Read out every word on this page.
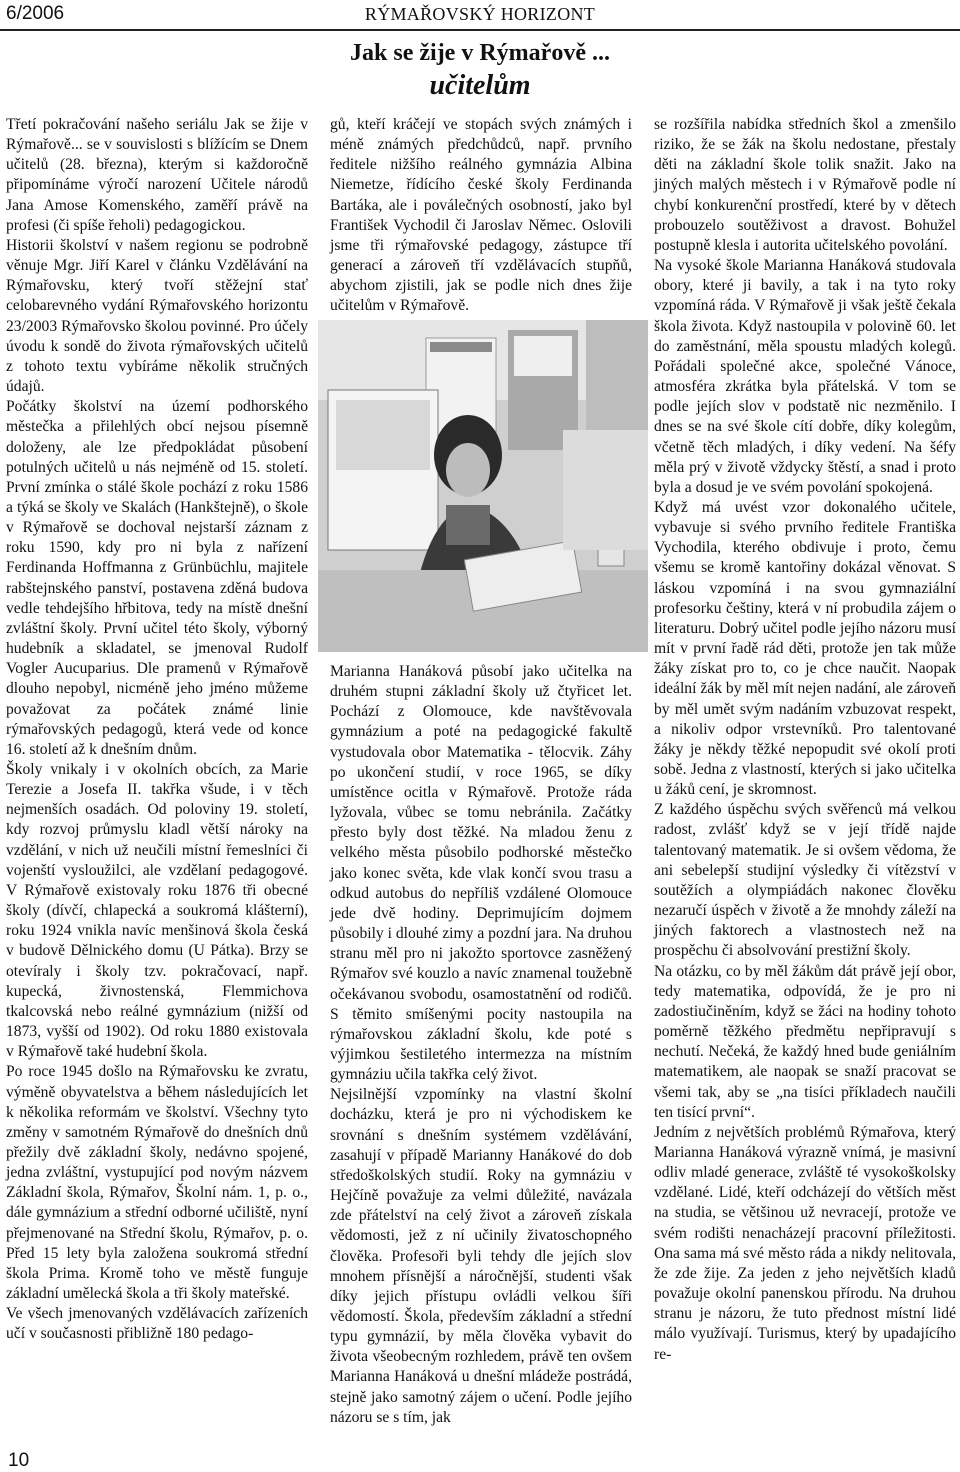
6/2006	RÝMAŘOVSKÝ HORIZONT
Jak se žije v Rýmařově ...
učitelům

Třetí pokračování našeho seriálu Jak se žije v Rýmařově... se v souvislosti s blížícím se Dnem učitelů (28. března), kterým si každoročně připomínáme výročí narození Učitele národů Jana Amose Komenského, zaměří právě na profesi (či spíše řeholi) pedagogickou.

Historii školství v našem regionu se podrobně věnuje Mgr. Jiří Karel v článku Vzdělávání na Rýmařovsku, který tvoří stěžejní stať celobarevného vydání Rýmařovského horizontu 23/2003 Rýmařovsko školou povinné. Pro účely úvodu k sondě do života rýmařovských učitelů z tohoto textu vybíráme několik stručných údajů.

Počátky školství na území podhorského městečka a přilehlých obcí nejsou písemně doloženy, ale lze předpokládat působení potulných učitelů u nás nejméně od 15. století. První zmínka o stálé škole pochází z roku 1586 a týká se školy ve Skalách (Hankštejně), o škole v Rýmařově se dochoval nejstarší záznam z roku 1590, kdy pro ni byla z nařízení Ferdinanda Hoffmanna z Grünbüchlu, majitele rabštejnského panství, postavena zděná budova vedle tehdejšího hřbitova, tedy na místě dnešní zvláštní školy. První učitel této školy, výborný hudebník a skladatel, se jmenoval Rudolf Vogler Aucuparius. Dle pramenů v Rýmařově dlouho nepobyl, nicméně jeho jméno můžeme považovat za počátek známé linie rýmařovských pedagogů, která vede od konce 16. století až k dnešním dnům.

Školy vnikaly i v okolních obcích, za Marie Terezie a Josefa II. takřka všude, i v těch nejmenších osadách. Od poloviny 19. století, kdy rozvoj průmyslu kladl větší nároky na vzdělání, v nich už neučili místní řemeslníci či vojenští vysloužilci, ale vzdělaní pedagogové. V Rýmařově existovaly roku 1876 tři obecné školy (dívčí, chlapecká a soukromá klášterní), roku 1924 vnikla navíc menšinová škola česká v budově Dělnického domu (U Pátka). Brzy se otevíraly i školy tzv. pokračovací, např. kupecká, živnostenská, Flemmichova tkalcovská nebo reálné gymnázium (nižší od 1873, vyšší od 1902). Od roku 1880 existovala v Rýmařově také hudební škola.

Po roce 1945 došlo na Rýmařovsku ke zvratu, výměně obyvatelstva a během následujících let k několika reformám ve školství. Všechny tyto změny v samotném Rýmařově do dnešních dnů přežily dvě základní školy, nedávno spojené, jedna zvláštní, vystupující pod novým názvem Základní škola, Rýmařov, Školní nám. 1, p. o., dále gymnázium a střední odborné učiliště, nyní přejmenované na Střední školu, Rýmařov, p. o. Před 15 lety byla založena soukromá střední škola Prima. Kromě toho ve městě funguje základní umělecká škola a tři školy mateřské.

Ve všech jmenovaných vzdělávacích zařízeních učí v současnosti přibližně 180 pedago-

gů, kteří kráčejí ve stopách svých známých i méně známých předchůdců, např. prvního ředitele nižšího reálného gymnázia Albina Niemetze, řídícího české školy Ferdinanda Bartáka, ale i poválečných osobností, jako byl František Vychodil či Jaroslav Němec. Oslovili jsme tři rýmařovské pedagogy, zástupce tří generací a zároveň tří vzdělávacích stupňů, abychom zjistili, jak se podle nich dnes žije učitelům v Rýmařově.

Marianna Hanáková působí jako učitelka na druhém stupni základní školy už čtyřicet let. Pochází z Olomouce, kde navštěvovala gymnázium a poté na pedagogické fakultě vystudovala obor Matematika - tělocvik. Záhy po ukončení studií, v roce 1965, se díky umístěnce ocitla v Rýmařově. Protože ráda lyžovala, vůbec se tomu nebránila. Začátky přesto byly dost těžké. Na mladou ženu z velkého města působilo podhorské městečko jako konec světa, kde vlak končí svou trasu a odkud autobus do nepříliš vzdálené Olomouce jede dvě hodiny. Deprimujícím dojmem působily i dlouhé zimy a pozdní jara. Na druhou stranu měl pro ni jakožto sportovce zasněžený Rýmařov své kouzlo a navíc znamenal toužebně očekávanou svobodu, osamostatnění od rodičů. S těmito smíšenými pocity nastoupila na rýmařovskou základní školu, kde poté s výjimkou šestiletého intermezza na místním gymnáziu učila takřka celý život.

Nejsilnější vzpomínky na vlastní školní docházku, která je pro ni východiskem ke srovnání s dnešním systémem vzdělávání, zasahují v případě Marianny Hanákové do dob středoškolských studií. Roky na gymnáziu v Hejčíně považuje za velmi důležité, navázala zde přátelství na celý život a zároveň získala vědomosti, jež z ní učinily živatoschopného člověka. Profesoři byli tehdy dle jejích slov mnohem přísnější a náročnější, studenti však díky jejich přístupu ovládli velkou šíři vědomostí. Škola, především základní a střední typu gymnázií, by měla člověka vybavit do života všeobecným rozhledem, právě ten ovšem Marianna Hanáková u dnešní mládeže postrádá, stejně jako samotný zájem o učení. Podle jejího názoru se s tím, jak

se rozšířila nabídka středních škol a zmenšilo riziko, že se žák na školu nedostane, přestaly děti na základní škole tolik snažit. Jako na jiných malých městech i v Rýmařově podle ní chybí konkurenční prostředí, které by v dětech probouzelo soutěživost a dravost. Bohužel postupně klesla i autorita učitelského povolání.

Na vysoké škole Marianna Hanáková studovala obory, které ji bavily, a tak i na tyto roky vzpomíná ráda. V Rýmařově ji však ještě čekala škola života. Když nastoupila v polovině 60. let do zaměstnání, měla spoustu mladých kolegů. Pořádali společné akce, společné Vánoce, atmosféra zkrátka byla přátelská. V tom se podle jejích slov v podstatě nic nezměnilo. I dnes se na své škole cítí dobře, díky kolegům, včetně těch mladých, i díky vedení. Na šéfy měla prý v životě vždycky štěstí, a snad i proto byla a dosud je ve svém povolání spokojená.

Když má uvést vzor dokonalého učitele, vybavuje si svého prvního ředitele Františka Vychodila, kterého obdivuje i proto, čemu všemu se kromě kantořiny dokázal věnovat. S láskou vzpomíná i na svou gymnaziální profesorku češtiny, která v ní probudila zájem o literaturu. Dobrý učitel podle jejího názoru musí mít v první řadě rád děti, protože jen tak může žáky získat pro to, co je chce naučit. Naopak ideální žák by měl mít nejen nadání, ale zároveň by měl umět svým nadáním vzbuzovat respekt, a nikoliv odpor vrstevníků. Pro talentované žáky je někdy těžké nepopudit své okolí proti sobě. Jedna z vlastností, kterých si jako učitelka u žáků cení, je skromnost.

Z každého úspěchu svých svěřenců má velkou radost, zvlášť když se v její třídě najde talentovaný matematik. Je si ovšem vědoma, že ani sebelepší studijní výsledky či vítězství v soutěžích a olympiádách nakonec člověku nezaručí úspěch v životě a že mnohdy záleží na jiných faktorech a vlastnostech než na prospěchu či absolvování prestižní školy.

Na otázku, co by měl žákům dát právě její obor, tedy matematika, odpovídá, že je pro ni zadostiučiněním, když se žáci na hodiny tohoto poměrně těžkého předmětu nepřipravují s nechutí. Nečeká, že každý hned bude geniálním matematikem, ale naopak se snaží pracovat se všemi tak, aby se „na tisíci příkladech naučili ten tisící první“.

Jedním z největších problémů Rýmařova, který Marianna Hanáková výrazně vnímá, je masivní odliv mladé generace, zvláště té vysokoškolsky vzdělané. Lidé, kteří odcházejí do větších měst na studia, se většinou už nevracejí, protože ve svém rodišti nenacházejí pracovní příležitosti. Ona sama má své město ráda a nikdy nelitovala, že zde žije. Za jeden z jeho největších kladů považuje okolní panenskou přírodu. Na druhou stranu je názoru, že tuto přednost místní lidé málo využívají. Turismus, který by upadajícího re-

10
